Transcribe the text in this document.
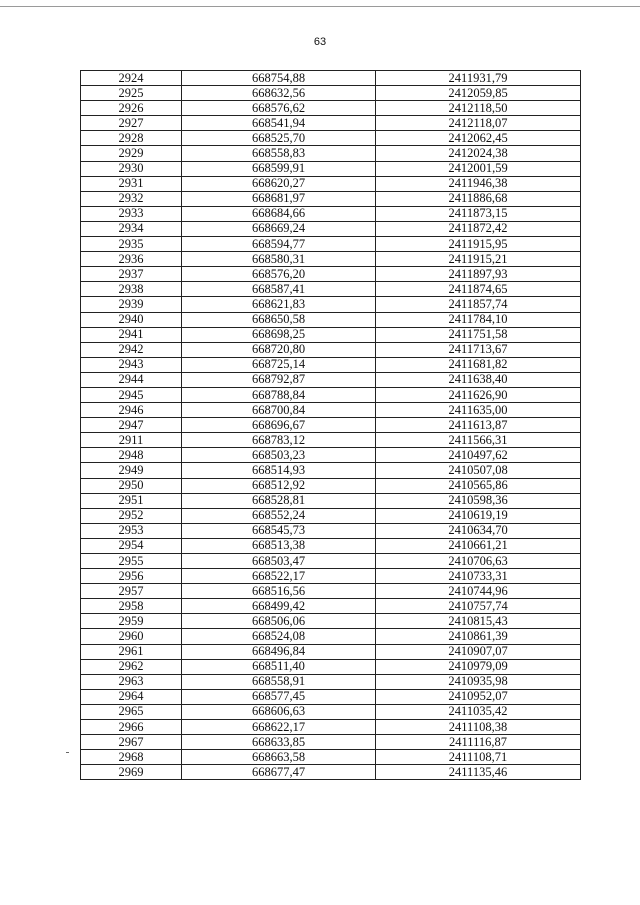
63
2924	668754,88	2411931,79
2925	668632,56	2412059,85
2926	668576,62	2412118,50
2927	668541,94	2412118,07
2928	668525,70	2412062,45
2929	668558,83	2412024,38
2930	668599,91	2412001,59
2931	668620,27	2411946,38
2932	668681,97	2411886,68
2933	668684,66	2411873,15
2934	668669,24	2411872,42
2935	668594,77	2411915,95
2936	668580,31	2411915,21
2937	668576,20	2411897,93
2938	668587,41	2411874,65
2939	668621,83	2411857,74
2940	668650,58	2411784,10
2941	668698,25	2411751,58
2942	668720,80	2411713,67
2943	668725,14	2411681,82
2944	668792,87	2411638,40
2945	668788,84	2411626,90
2946	668700,84	2411635,00
2947	668696,67	2411613,87
2911	668783,12	2411566,31
2948	668503,23	2410497,62
2949	668514,93	2410507,08
2950	668512,92	2410565,86
2951	668528,81	2410598,36
2952	668552,24	2410619,19
2953	668545,73	2410634,70
2954	668513,38	2410661,21
2955	668503,47	2410706,63
2956	668522,17	2410733,31
2957	668516,56	2410744,96
2958	668499,42	2410757,74
2959	668506,06	2410815,43
2960	668524,08	2410861,39
2961	668496,84	2410907,07
2962	668511,40	2410979,09
2963	668558,91	2410935,98
2964	668577,45	2410952,07
2965	668606,63	2411035,42
2966	668622,17	2411108,38
2967	668633,85	2411116,87
2968	668663,58	2411108,71
2969	668677,47	2411135,46
